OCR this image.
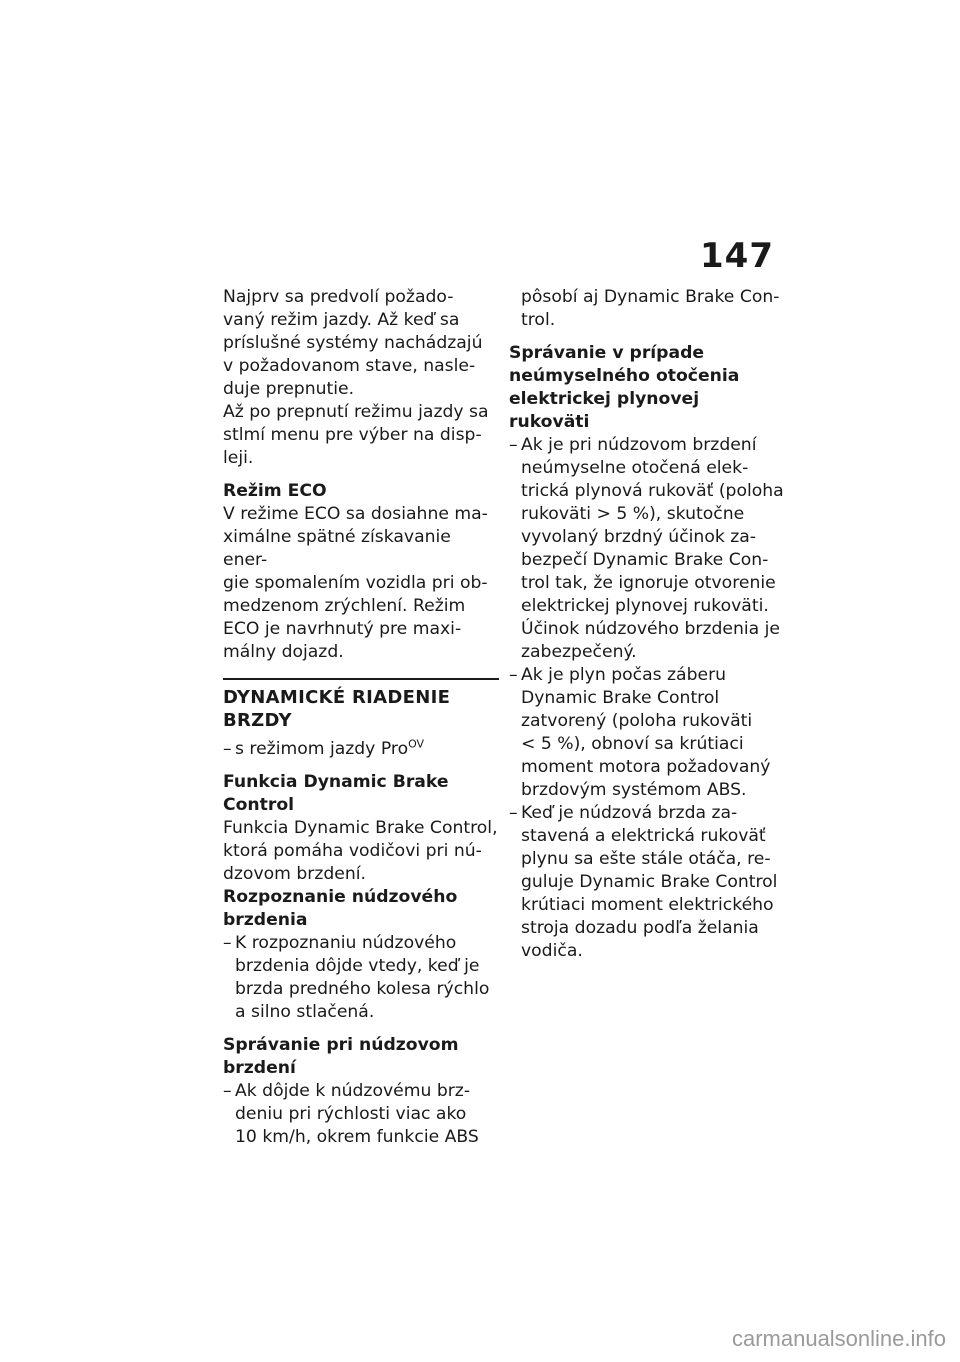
147

Najprv sa predvolí požado-

vaný režim jazdy. Až keď sa

príslušné systémy nachádzajú

v požadovanom stave, nasle-

duje prepnutie.

Až po prepnutí režimu jazdy sa

stlmí menu pre výber na disp-

leji.

Režim ECO

V režime ECO sa dosiahne ma-

ximálne spätné získavanie ener-

gie spomalením vozidla pri ob-

medzenom zrýchlení. Režim

ECO je navrhnutý pre maxi-

málny dojazd.

DYNAMICKÉ RIADENIE

BRZDY

– s režimom jazdy Pro$^{OV}$

Funkcia Dynamic Brake

Control

Funkcia Dynamic Brake Control,

ktorá pomáha vodičovi pri nú-

dzovom brzdení.

Rozpoznanie núdzového

brzdenia

– K rozpoznaniu núdzového

brzdenia dôjde vtedy, keď je

brzda predného kolesa rýchlo

a silno stlačená.

Správanie pri núdzovom

brzdení

– Ak dôjde k núdzovému brz-

deniu pri rýchlosti viac ako

10 km/h, okrem funkcie ABS

pôsobí aj Dynamic Brake Con-

trol.

Správanie v prípade

neúmyselného otočenia

elektrickej plynovej rukoväti

– Ak je pri núdzovom brzdení

neúmyselne otočená elek-

trická plynová rukoväť (poloha

rukoväti > 5 %), skutočne

vyvolaný brzdný účinok za-

bezpečí Dynamic Brake Con-

trol tak, že ignoruje otvorenie

elektrickej plynovej rukoväti.

Účinok núdzového brzdenia je

zabezpečený.

– Ak je plyn počas záberu

Dynamic Brake Control

zatvorený (poloha rukoväti

< 5 %), obnoví sa krútiaci

moment motora požadovaný

brzdovým systémom ABS.

– Keď je núdzová brzda za-

stavená a elektrická rukoväť

plynu sa ešte stále otáča, re-

guluje Dynamic Brake Control

krútiaci moment elektrického

stroja dozadu podľa želania

vodiča.

carmanualsonline.info
